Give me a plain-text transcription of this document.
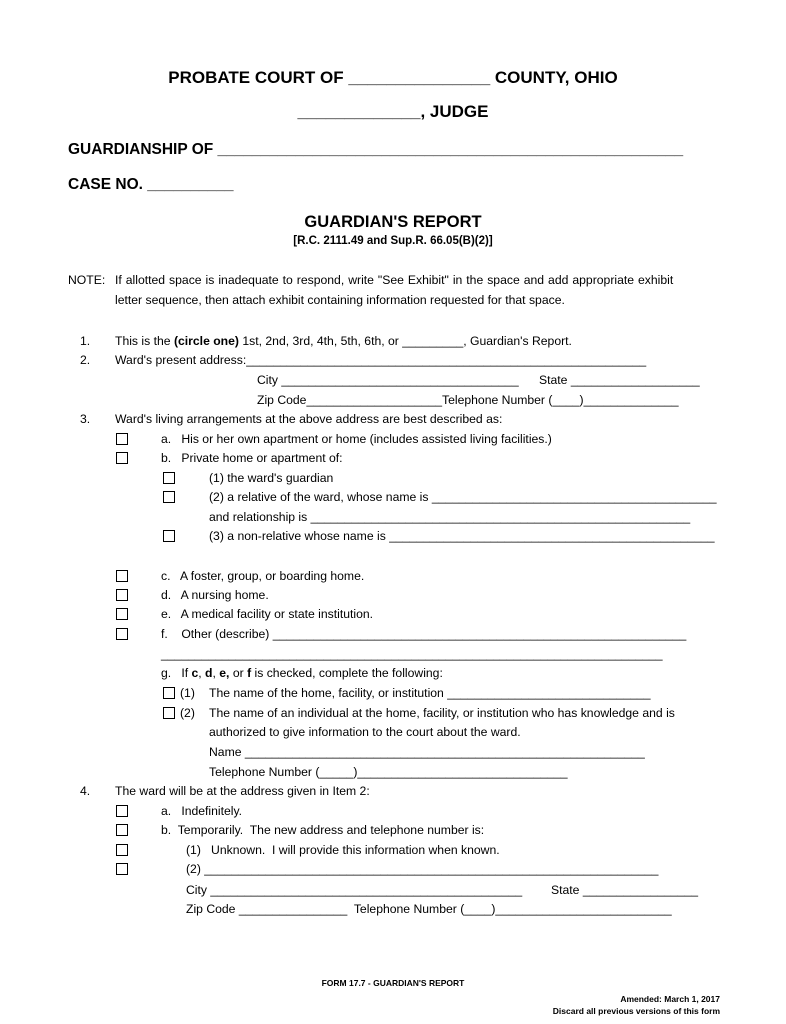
PROBATE COURT OF _______________ COUNTY, OHIO
_____________, JUDGE
GUARDIANSHIP OF ______________________________________________________
CASE NO. __________
GUARDIAN'S REPORT
[R.C. 2111.49 and Sup.R. 66.05(B)(2)]
NOTE: If allotted space is inadequate to respond, write "See Exhibit" in the space and add appropriate exhibit
letter sequence, then attach exhibit containing information requested for that space.
1. This is the (circle one) 1st, 2nd, 3rd, 4th, 5th, 6th, or _________, Guardian's Report.
2. Ward's present address:___________________________________________________________
City ___________________________________ State ___________________
Zip Code____________________Telephone Number (____)______________
3. Ward's living arrangements at the above address are best described as:
a.   His or her own apartment or home (includes assisted living facilities.)
b.   Private home or apartment of:
(1) the ward's guardian
(2) a relative of the ward, whose name is __________________________________________
and relationship is ________________________________________________________
(3) a non-relative whose name is ________________________________________________
c.   A foster, group, or boarding home.
d.   A nursing home.
e.   A medical facility or state institution.
f.    Other (describe) _____________________________________________________________
__________________________________________________________________________
g.   If c, d, e, or f is checked, complete the following:
(1) The name of the home, facility, or institution ______________________________
(2) The name of an individual at the home, facility, or institution who has knowledge and is
authorized to give information to the court about the ward.
Name ___________________________________________________________
Telephone Number (_____)_______________________________
4. The ward will be at the address given in Item 2:
a.   Indefinitely.
b.  Temporarily.  The new address and telephone number is:
(1)   Unknown.  I will provide this information when known.
(2) ___________________________________________________________________
City ______________________________________________ State _________________
Zip Code ________________  Telephone Number (____)__________________________
FORM 17.7 - GUARDIAN'S REPORT
Amended: March 1, 2017
Discard all previous versions of this form
